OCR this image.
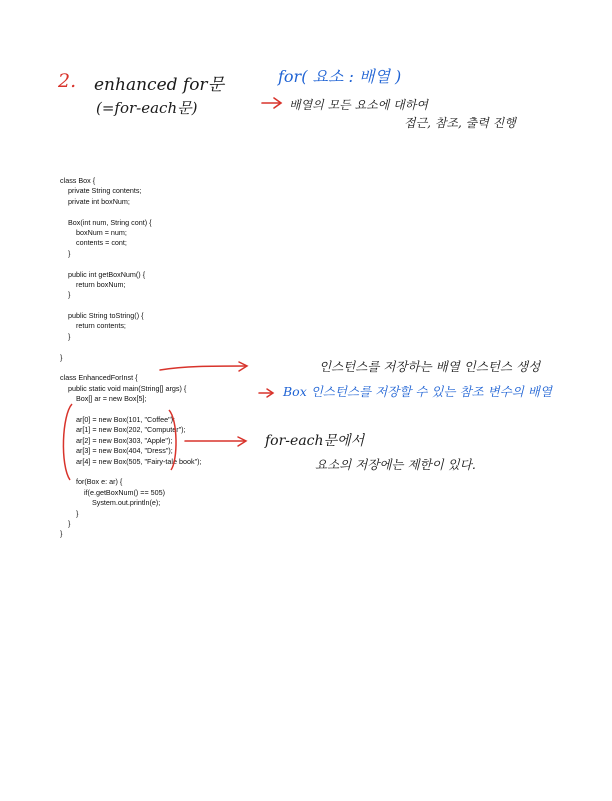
2. enhanced for문
(=for-each문)
for( 요소 : 배열 )
배열의 모든 요소에 대하여
접근, 참조, 출력 진행
class Box {
private String contents;
private int boxNum;
Box(int num, String cont) {
boxNum = num;
contents = cont;
}
public int getBoxNum() {
return boxNum;
}
public String toString() {
return contents;
}
}
class EnhancedForInst {
public static void main(String[] args) {
Box[] ar = new Box[5];
ar[0] = new Box(101, "Coffee");
ar[1] = new Box(202, "Computer");
ar[2] = new Box(303, "Apple");
ar[3] = new Box(404, "Dress");
ar[4] = new Box(505, "Fairy-tale book");
for(Box e: ar) {
if(e.getBoxNum() == 505)
System.out.println(e);
}
}
}
인스턴스를 저장하는 배열 인스턴스 생성
Box 인스턴스를 저장할 수 있는 참조 변수의 배열
for-each문에서
요소의 저장에는 제한이 있다.
